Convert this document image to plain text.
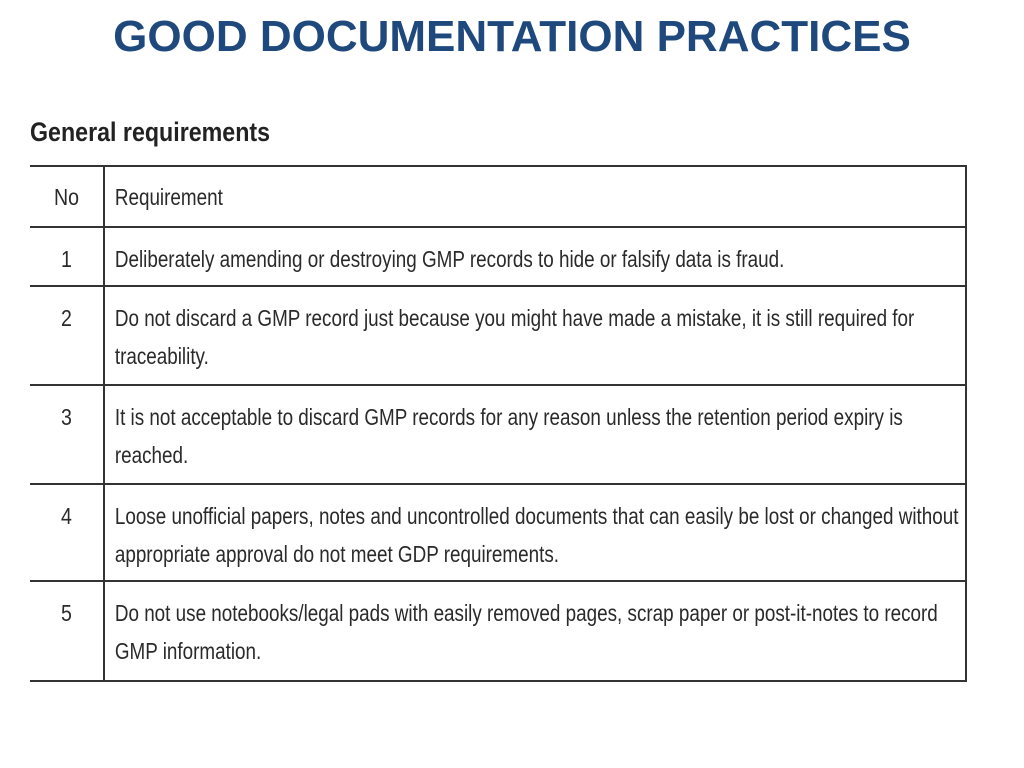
GOOD DOCUMENTATION PRACTICES
General requirements
No	Requirement

1	Deliberately amending or destroying GMP records to hide or falsify data is fraud.

2	Do not discard a GMP record just because you might have made a mistake, it is still required for traceability.

3	It is not acceptable to discard GMP records for any reason unless the retention period expiry is reached.

4	Loose unofficial papers, notes and uncontrolled documents that can easily be lost or changed without appropriate approval do not meet GDP requirements.

5	Do not use notebooks/legal pads with easily removed pages, scrap paper or post-it-notes to record GMP information.
